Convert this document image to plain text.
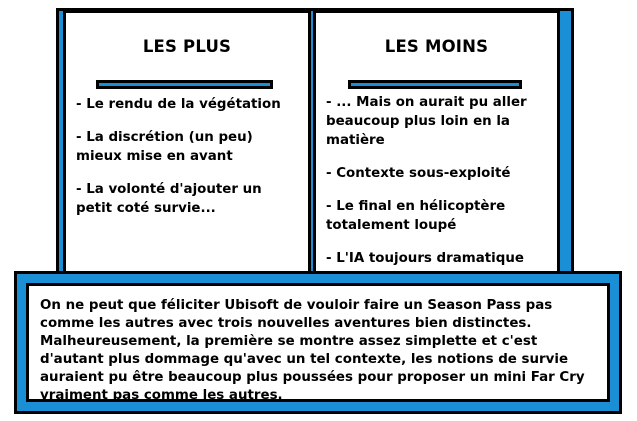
LES PLUS
- Le rendu de la végétation
- La discrétion (un peu) mieux mise en avant
- La volonté d'ajouter un petit coté survie...
LES MOINS
- ... Mais on aurait pu aller beaucoup plus loin en la matière
- Contexte sous-exploité
- Le final en hélicoptère totalement loupé
- L'IA toujours dramatique

On ne peut que féliciter Ubisoft de vouloir faire un Season Pass pas comme les autres avec trois nouvelles aventures bien distinctes. Malheureusement, la première se montre assez simplette et c'est d'autant plus dommage qu'avec un tel contexte, les notions de survie auraient pu être beaucoup plus poussées pour proposer un mini Far Cry vraiment pas comme les autres.
